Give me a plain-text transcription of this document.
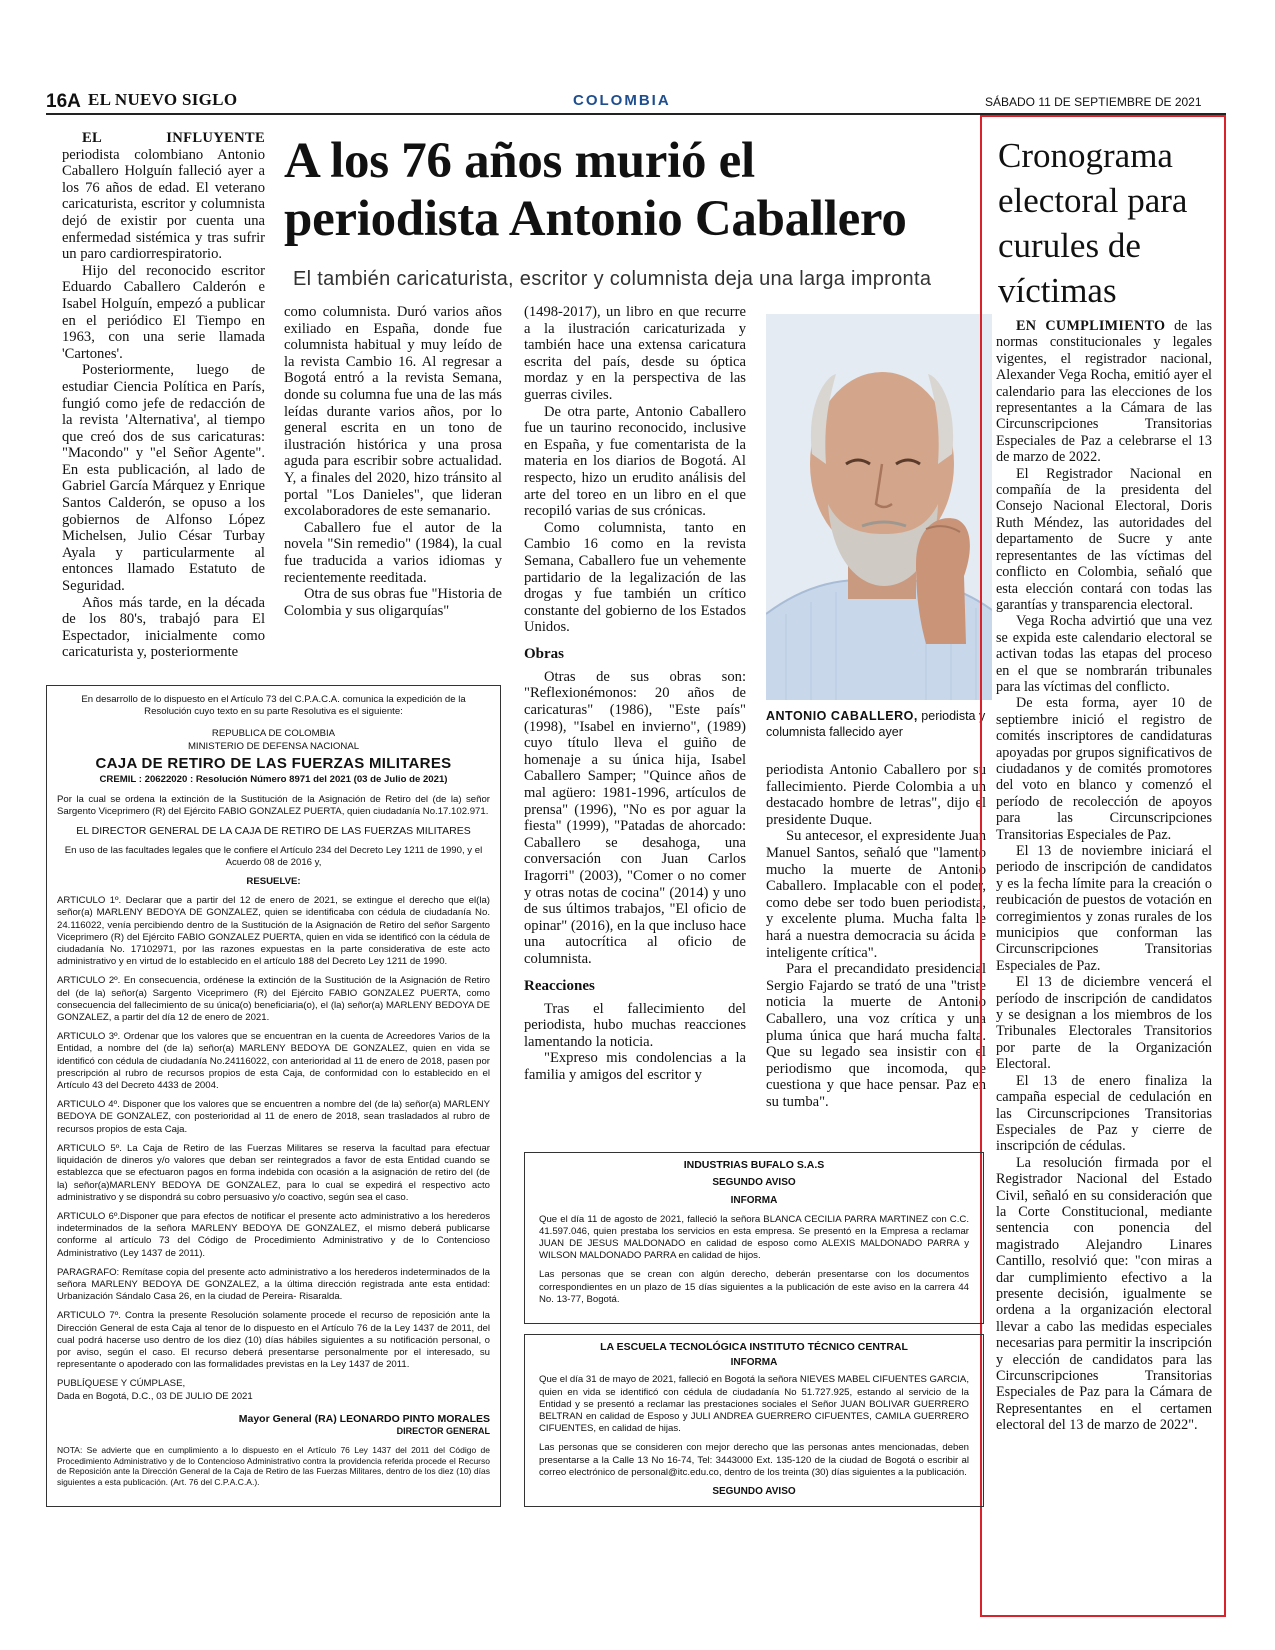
16A EL NUEVO SIGLO	COLOMBIA	SÁBADO 11 DE SEPTIEMBRE DE 2021
A los 76 años murió el periodista Antonio Caballero
El también caricaturista, escritor y columnista deja una larga impronta

EL INFLUYENTE periodista colombiano Antonio Caballero Holguín falleció ayer a los 76 años de edad. El veterano caricaturista, escritor y columnista dejó de existir por cuenta una enfermedad sistémica y tras sufrir un paro cardiorrespiratorio.

Hijo del reconocido escritor Eduardo Caballero Calderón e Isabel Holguín, empezó a publicar en el periódico El Tiempo en 1963, con una serie llamada 'Cartones'.

Posteriormente, luego de estudiar Ciencia Política en París, fungió como jefe de redacción de la revista 'Alternativa', al tiempo que creó dos de sus caricaturas: "Macondo" y "el Señor Agente". En esta publicación, al lado de Gabriel García Márquez y Enrique Santos Calderón, se opuso a los gobiernos de Alfonso López Michelsen, Julio César Turbay Ayala y particularmente al entonces llamado Estatuto de Seguridad.

Años más tarde, en la década de los 80's, trabajó para El Espectador, inicialmente como caricaturista y, posteriormente

como columnista. Duró varios años exiliado en España, donde fue columnista habitual y muy leído de la revista Cambio 16. Al regresar a Bogotá entró a la revista Semana, donde su columna fue una de las más leídas durante varios años, por lo general escrita en un tono de ilustración histórica y una prosa aguda para escribir sobre actualidad. Y, a finales del 2020, hizo tránsito al portal "Los Danieles", que lideran excolaboradores de este semanario.

Caballero fue el autor de la novela "Sin remedio" (1984), la cual fue traducida a varios idiomas y recientemente reeditada.

Otra de sus obras fue "Historia de Colombia y sus oligarquías"

(1498-2017), un libro en que recurre a la ilustración caricaturizada y también hace una extensa caricatura escrita del país, desde su óptica mordaz y en la perspectiva de las guerras civiles.

De otra parte, Antonio Caballero fue un taurino reconocido, inclusive en España, y fue comentarista de la materia en los diarios de Bogotá. Al respecto, hizo un erudito análisis del arte del toreo en un libro en el que recopiló varias de sus crónicas.

Como columnista, tanto en Cambio 16 como en la revista Semana, Caballero fue un vehemente partidario de la legalización de las drogas y fue también un crítico constante del gobierno de los Estados Unidos.

Obras

Otras de sus obras son: "Reflexionémonos: 20 años de caricaturas" (1986), "Este país" (1998), "Isabel en invierno", (1989) cuyo título lleva el guiño de homenaje a su única hija, Isabel Caballero Samper; "Quince años de mal agüero: 1981-1996, artículos de prensa" (1996), "No es por aguar la fiesta" (1999), "Patadas de ahorcado: Caballero se desahoga, una conversación con Juan Carlos Iragorri" (2003), "Comer o no comer y otras notas de cocina" (2014) y uno de sus últimos trabajos, "El oficio de opinar" (2016), en la que incluso hace una autocrítica al oficio de columnista.

Reacciones

Tras el fallecimiento del periodista, hubo muchas reacciones lamentando la noticia.

"Expreso mis condolencias a la familia y amigos del escritor y

ANTONIO CABALLERO, periodista y columnista fallecido ayer

periodista Antonio Caballero por su fallecimiento. Pierde Colombia a un destacado hombre de letras", dijo el presidente Duque.

Su antecesor, el expresidente Juan Manuel Santos, señaló que "lamento mucho la muerte de Antonio Caballero. Implacable con el poder, como debe ser todo buen periodista, y excelente pluma. Mucha falta le hará a nuestra democracia su ácida e inteligente crítica".

Para el precandidato presidencial Sergio Fajardo se trató de una "triste noticia la muerte de Antonio Caballero, una voz crítica y una pluma única que hará mucha falta. Que su legado sea insistir con el periodismo que incomoda, que cuestiona y que hace pensar. Paz en su tumba".

Cronograma electoral para curules de víctimas

EN CUMPLIMIENTO de las normas constitucionales y legales vigentes, el registrador nacional, Alexander Vega Rocha, emitió ayer el calendario para las elecciones de los representantes a la Cámara de las Circunscripciones Transitorias Especiales de Paz a celebrarse el 13 de marzo de 2022.

El Registrador Nacional en compañía de la presidenta del Consejo Nacional Electoral, Doris Ruth Méndez, las autoridades del departamento de Sucre y ante representantes de las víctimas del conflicto en Colombia, señaló que esta elección contará con todas las garantías y transparencia electoral.

Vega Rocha advirtió que una vez se expida este calendario electoral se activan todas las etapas del proceso en el que se nombrarán tribunales para las víctimas del conflicto.

De esta forma, ayer 10 de septiembre inició el registro de comités inscriptores de candidaturas apoyadas por grupos significativos de ciudadanos y de comités promotores del voto en blanco y comenzó el período de recolección de apoyos para las Circunscripciones Transitorias Especiales de Paz.

El 13 de noviembre iniciará el periodo de inscripción de candidatos y es la fecha límite para la creación o reubicación de puestos de votación en corregimientos y zonas rurales de los municipios que conforman las Circunscripciones Transitorias Especiales de Paz.

El 13 de diciembre vencerá el período de inscripción de candidatos y se designan a los miembros de los Tribunales Electorales Transitorios por parte de la Organización Electoral.

El 13 de enero finaliza la campaña especial de cedulación en las Circunscripciones Transitorias Especiales de Paz y cierre de inscripción de cédulas.

La resolución firmada por el Registrador Nacional del Estado Civil, señaló en su consideración que la Corte Constitucional, mediante sentencia con ponencia del magistrado Alejandro Linares Cantillo, resolvió que: "con miras a dar cumplimiento efectivo a la presente decisión, igualmente se ordena a la organización electoral llevar a cabo las medidas especiales necesarias para permitir la inscripción y elección de candidatos para las Circunscripciones Transitorias Especiales de Paz para la Cámara de Representantes en el certamen electoral del 13 de marzo de 2022".

En desarrollo de lo dispuesto en el Artículo 73 del C.P.A.C.A. comunica la expedición de la Resolución cuyo texto en su parte Resolutiva es el siguiente:

REPUBLICA DE COLOMBIA
MINISTERIO DE DEFENSA NACIONAL
CAJA DE RETIRO DE LAS FUERZAS MILITARES

CREMIL : 20622020 : Resolución Número 8971 del 2021 (03 de Julio de 2021)

Por la cual se ordena la extinción de la Sustitución de la Asignación de Retiro del (de la) señor Sargento Viceprimero (R) del Ejército FABIO GONZALEZ PUERTA, quien ciudadanía No.17.102.971.

EL DIRECTOR GENERAL DE LA CAJA DE RETIRO DE LAS FUERZAS MILITARES

En uso de las facultades legales que le confiere el Artículo 234 del Decreto Ley 1211 de 1990, y el Acuerdo 08 de 2016 y,

RESUELVE:

ARTICULO 1º. Declarar que a partir del 12 de enero de 2021, se extingue el derecho que el(la) señor(a) MARLENY BEDOYA DE GONZALEZ, quien se identificaba con cédula de ciudadanía No. 24.116022, venía percibiendo dentro de la Sustitución de la Asignación de Retiro del señor Sargento Viceprimero (R) del Ejército FABIO GONZALEZ PUERTA, quien en vida se identificó con la cédula de ciudadanía No. 17102971, por las razones expuestas en la parte considerativa de este acto administrativo y en virtud de lo establecido en el artículo 188 del Decreto Ley 1211 de 1990.

ARTICULO 2º. En consecuencia, ordénese la extinción de la Sustitución de la Asignación de Retiro del (de la) señor(a) Sargento Viceprimero (R) del Ejército FABIO GONZALEZ PUERTA, como consecuencia del fallecimiento de su única(o) beneficiaria(o), el (la) señor(a) MARLENY BEDOYA DE GONZALEZ, a partir del día 12 de enero de 2021.

ARTICULO 3º. Ordenar que los valores que se encuentran en la cuenta de Acreedores Varios de la Entidad, a nombre del (de la) señor(a) MARLENY BEDOYA DE GONZALEZ, quien en vida se identificó con cédula de ciudadanía No.24116022, con anterioridad al 11 de enero de 2018, pasen por prescripción al rubro de recursos propios de esta Caja, de conformidad con lo establecido en el Artículo 43 del Decreto 4433 de 2004.

ARTICULO 4º. Disponer que los valores que se encuentren a nombre del (de la) señor(a) MARLENY BEDOYA DE GONZALEZ, con posterioridad al 11 de enero de 2018, sean trasladados al rubro de recursos propios de esta Caja.

ARTICULO 5º. La Caja de Retiro de las Fuerzas Militares se reserva la facultad para efectuar liquidación de dineros y/o valores que deban ser reintegrados a favor de esta Entidad cuando se establezca que se efectuaron pagos en forma indebida con ocasión a la asignación de retiro del (de la) señor(a)MARLENY BEDOYA DE GONZALEZ, para lo cual se expedirá el respectivo acto administrativo y se dispondrá su cobro persuasivo y/o coactivo, según sea el caso.

ARTICULO 6º.Disponer que para efectos de notificar el presente acto administrativo a los herederos indeterminados de la señora MARLENY BEDOYA DE GONZALEZ, el mismo deberá publicarse conforme al artículo 73 del Código de Procedimiento Administrativo y de lo Contencioso Administrativo (Ley 1437 de 2011).

PARAGRAFO: Remítase copia del presente acto administrativo a los herederos indeterminados de la señora MARLENY BEDOYA DE GONZALEZ, a la última dirección registrada ante esta entidad: Urbanización Sándalo Casa 26, en la ciudad de Pereira- Risaralda.

ARTICULO 7º. Contra la presente Resolución solamente procede el recurso de reposición ante la Dirección General de esta Caja al tenor de lo dispuesto en el Artículo 76 de la Ley 1437 de 2011, del cual podrá hacerse uso dentro de los diez (10) días hábiles siguientes a su notificación personal, o por aviso, según el caso. El recurso deberá presentarse personalmente por el interesado, su representante o apoderado con las formalidades previstas en la Ley 1437 de 2011.

PUBLÍQUESE Y CÚMPLASE,
Dada en Bogotá, D.C., 03 DE JULIO DE 2021
Mayor General (RA) LEONARDO PINTO MORALES
DIRECTOR GENERAL

NOTA: Se advierte que en cumplimiento a lo dispuesto en el Artículo 76 Ley 1437 del 2011 del Código de Procedimiento Administrativo y de lo Contencioso Administrativo contra la providencia referida procede el Recurso de Reposición ante la Dirección General de la Caja de Retiro de las Fuerzas Militares, dentro de los diez (10) días siguientes a esta publicación. (Art. 76 del C.P.A.C.A.).

INDUSTRIAS BUFALO S.A.S
SEGUNDO AVISO
INFORMA

Que el día 11 de agosto de 2021, falleció la señora BLANCA CECILIA PARRA MARTINEZ con C.C. 41.597.046, quien prestaba los servicios en esta empresa. Se presentó en la Empresa a reclamar JUAN DE JESUS MALDONADO en calidad de esposo como ALEXIS MALDONADO PARRA y WILSON MALDONADO PARRA en calidad de hijos.

Las personas que se crean con algún derecho, deberán presentarse con los documentos correspondientes en un plazo de 15 días siguientes a la publicación de este aviso en la carrera 44 No. 13-77, Bogotá.

LA ESCUELA TECNOLÓGICA INSTITUTO TÉCNICO CENTRAL
INFORMA

Que el día 31 de mayo de 2021, falleció en Bogotá la señora NIEVES MABEL CIFUENTES GARCIA, quien en vida se identificó con cédula de ciudadanía No 51.727.925, estando al servicio de la Entidad y se presentó a reclamar las prestaciones sociales el Señor JUAN BOLIVAR GUERRERO BELTRAN en calidad de Esposo y JULI ANDREA GUERRERO CIFUENTES, CAMILA GUERRERO CIFUENTES, en calidad de hijas.

Las personas que se consideren con mejor derecho que las personas antes mencionadas, deben presentarse a la Calle 13 No 16-74, Tel: 3443000 Ext. 135-120 de la ciudad de Bogotá o escribir al correo electrónico de personal@itc.edu.co, dentro de los treinta (30) días siguientes a la publicación.

SEGUNDO AVISO
